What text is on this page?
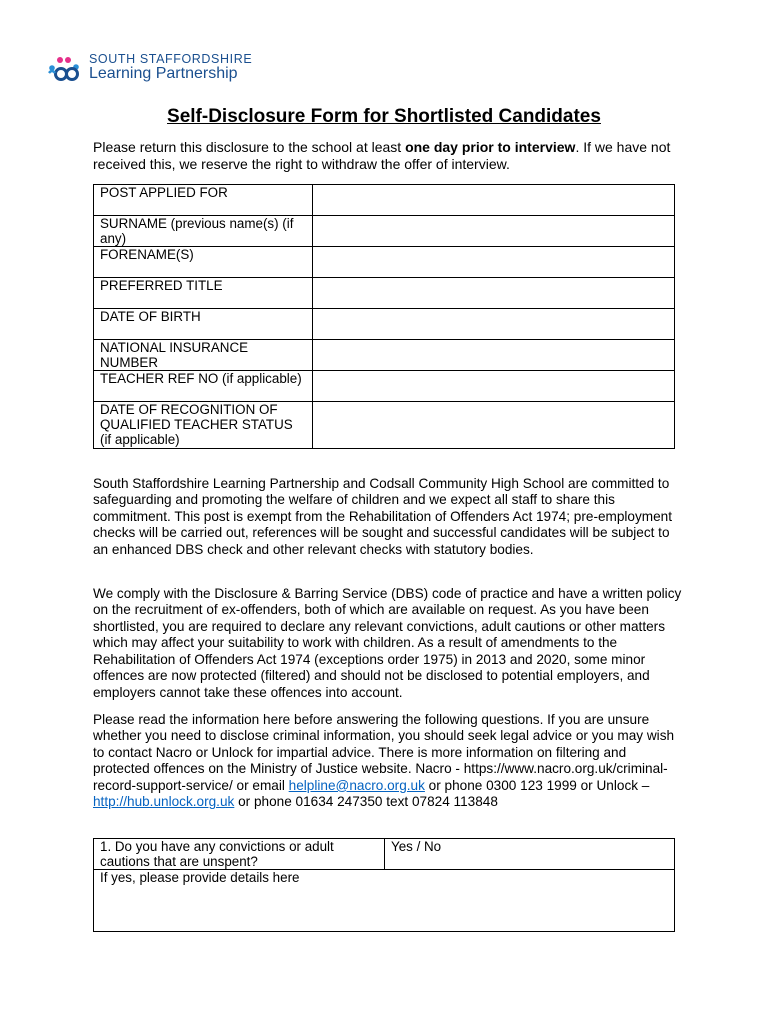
SOUTH STAFFORDSHIRE
Learning Partnership
Self-Disclosure Form for Shortlisted Candidates
Please return this disclosure to the school at least one day prior to interview. If we have not received this, we reserve the right to withdraw the offer of interview.
POST APPLIED FOR	
SURNAME (previous name(s) (if any)	
FORENAME(S)	
PREFERRED TITLE	
DATE OF BIRTH	
NATIONAL INSURANCE NUMBER	
TEACHER REF NO (if applicable)	
DATE OF RECOGNITION OF QUALIFIED TEACHER STATUS (if applicable)	

South Staffordshire Learning Partnership and Codsall Community High School are committed to safeguarding and promoting the welfare of children and we expect all staff to share this commitment. This post is exempt from the Rehabilitation of Offenders Act 1974; pre-employment checks will be carried out, references will be sought and successful candidates will be subject to an enhanced DBS check and other relevant checks with statutory bodies.

We comply with the Disclosure & Barring Service (DBS) code of practice and have a written policy on the recruitment of ex-offenders, both of which are available on request. As you have been shortlisted, you are required to declare any relevant convictions, adult cautions or other matters which may affect your suitability to work with children. As a result of amendments to the Rehabilitation of Offenders Act 1974 (exceptions order 1975) in 2013 and 2020, some minor offences are now protected (filtered) and should not be disclosed to potential employers, and employers cannot take these offences into account.

Please read the information here before answering the following questions. If you are unsure whether you need to disclose criminal information, you should seek legal advice or you may wish to contact Nacro or Unlock for impartial advice. There is more information on filtering and protected offences on the Ministry of Justice website. Nacro - https://www.nacro.org.uk/criminal-record-support-service/ or email helpline@nacro.org.uk or phone 0300 123 1999 or Unlock – http://hub.unlock.org.uk or phone 01634 247350 text 07824 113848

1. Do you have any convictions or adult cautions that are unspent?	Yes / No
If yes, please provide details here
